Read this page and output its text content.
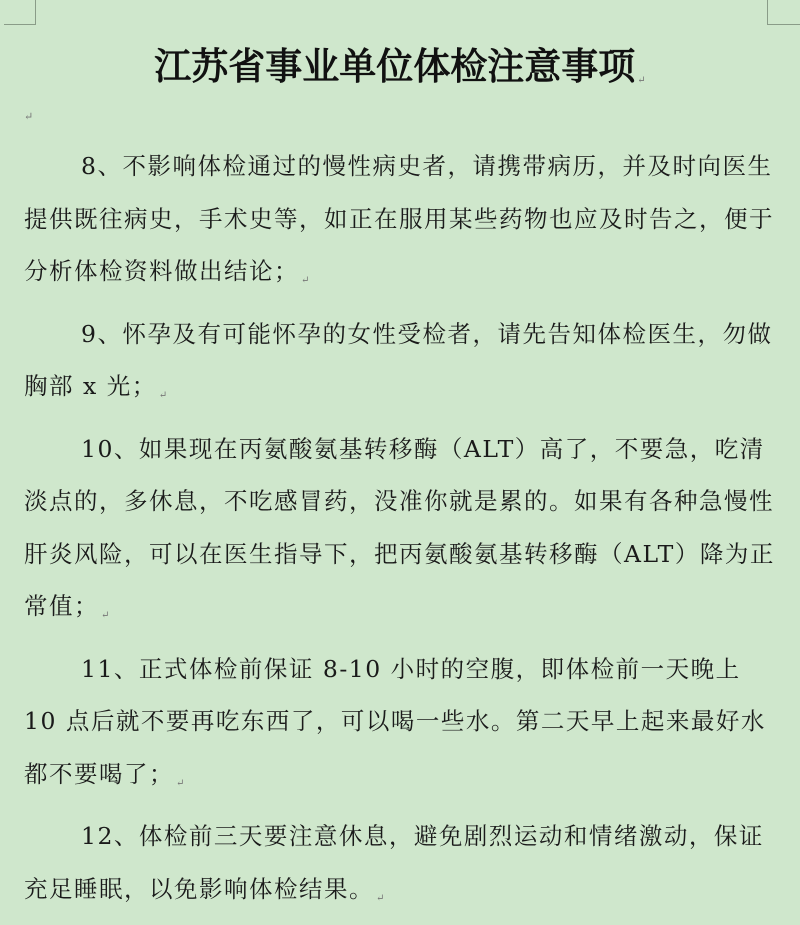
江苏省事业单位体检注意事项 ↵
↵

8、不影响体检通过的慢性病史者，请携带病历，并及时向医生提供既往病史，手术史等，如正在服用某些药物也应及时告之，便于分析体检资料做出结论； ↵

9、怀孕及有可能怀孕的女性受检者，请先告知体检医生，勿做胸部 x 光； ↵

10、如果现在丙氨酸氨基转移酶（ALT）高了，不要急，吃清淡点的，多休息，不吃感冒药，没准你就是累的。如果有各种急慢性肝炎风险，可以在医生指导下，把丙氨酸氨基转移酶（ALT）降为正常值； ↵

11、正式体检前保证 8-10 小时的空腹，即体检前一天晚上 10 点后就不要再吃东西了，可以喝一些水。第二天早上起来最好水都不要喝了； ↵

12、体检前三天要注意休息，避免剧烈运动和情绪激动，保证充足睡眠，以免影响体检结果。 ↵
